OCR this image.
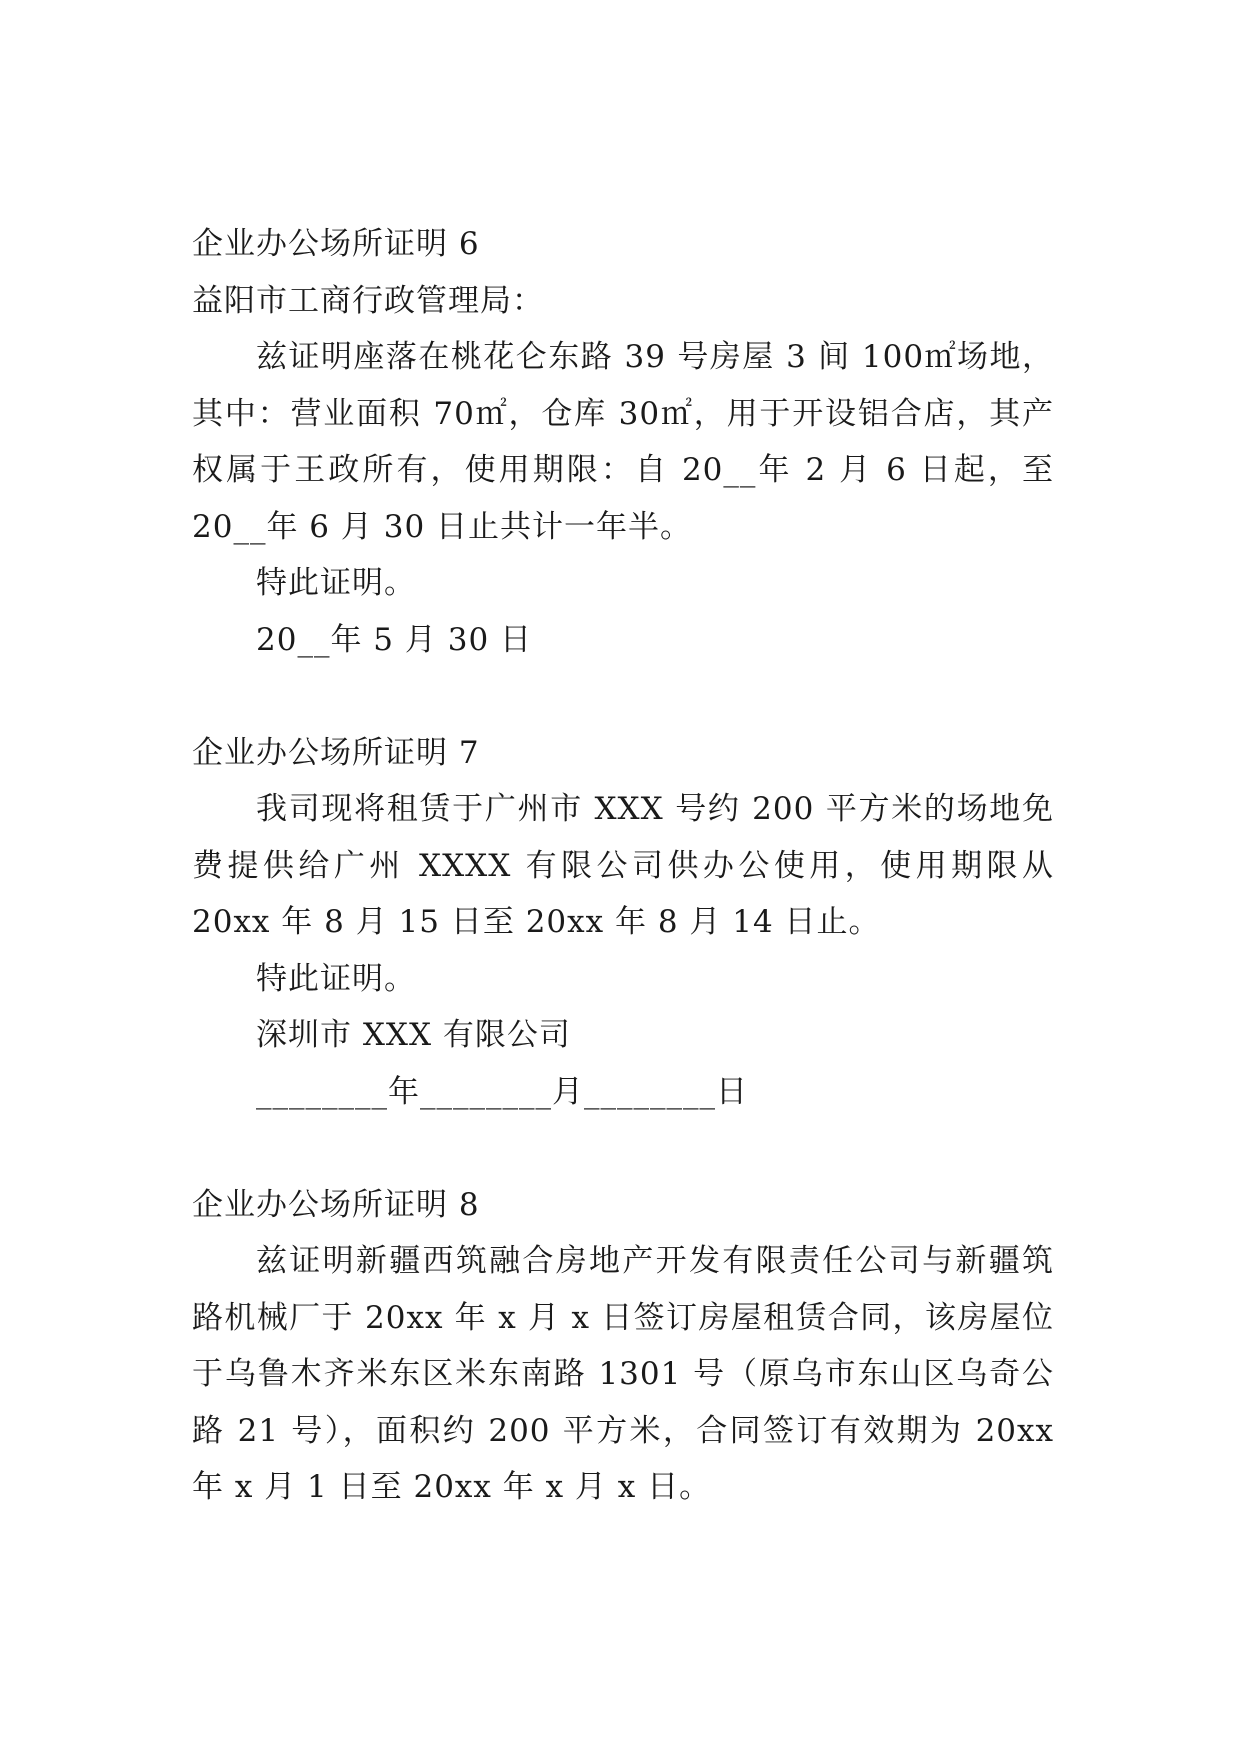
企业办公场所证明 6
益阳市工商行政管理局：

兹证明座落在桃花仑东路 39 号房屋 3 间 100㎡场地，其中：营业面积 70㎡，仓库 30㎡，用于开设铝合店，其产权属于王政所有，使用期限：自 20__年 2 月 6 日起，至 20__年 6 月 30 日止共计一年半。

特此证明。
20__年 5 月 30 日
企业办公场所证明 7

我司现将租赁于广州市 XXX 号约 200 平方米的场地免费提供给广州 XXXX 有限公司供办公使用，使用期限从 20xx 年 8 月 15 日至 20xx 年 8 月 14 日止。

特此证明。
深圳市 XXX 有限公司
________年________月________日
企业办公场所证明 8

兹证明新疆西筑融合房地产开发有限责任公司与新疆筑路机械厂于 20xx 年 x 月 x 日签订房屋租赁合同，该房屋位于乌鲁木齐米东区米东南路 1301 号（原乌市东山区乌奇公路 21 号），面积约 200 平方米，合同签订有效期为 20xx 年 x 月 1 日至 20xx 年 x 月 x 日。
